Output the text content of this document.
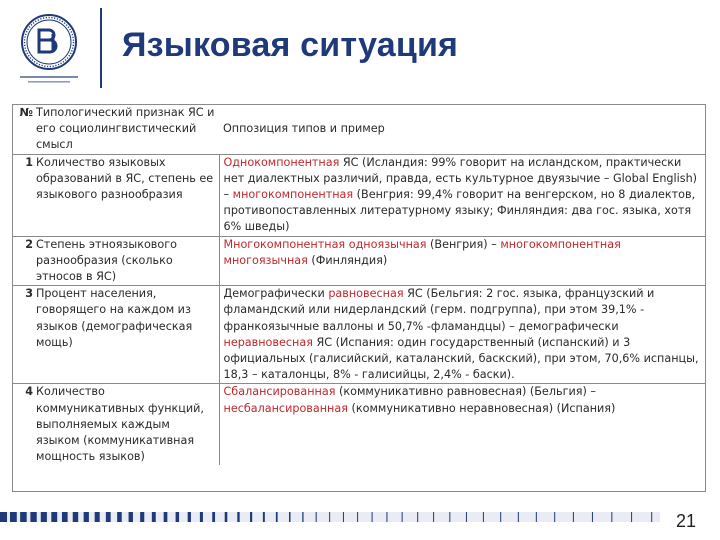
Языковая ситуация
№	Типологический признак ЯС и его социолингвистический смысл	Оппозиция типов и пример

1	Количество языковых образований в ЯС, степень ее языкового разнообразия	Однокомпонентная ЯС (Исландия: 99% говорит на исландском, практически нет диалектных различий, правда, есть культурное двуязычие – Global English) – многокомпонентная (Венгрия: 99,4% говорит на венгерском, но 8 диалектов, противопоставленных литературному языку; Финляндия: два гос. языка, хотя 6% шведы)
2	Степень этноязыкового разнообразия (сколько этносов в ЯС)	Многокомпонентная одноязычная (Венгрия) – многокомпонентная многоязычная (Финляндия)
3	Процент населения, говорящего на каждом из языков (демографическая мощь)	Демографически равновесная ЯС (Бельгия: 2 гос. языка, французский и фламандский или нидерландский (герм. подгруппа), при этом 39,1% - франкоязычные валлоны и 50,7% -фламандцы) – демографически неравновесная ЯС (Испания: один государственный (испанский) и 3 официальных (галисийский, каталанский, баскский), при этом, 70,6% испанцы, 18,3 – каталонцы, 8% - галисийцы, 2,4% - баски).
4	Количество коммуникативных функций, выполняемых каждым языком (коммуникативная мощность языков)	Сбалансированная (коммуникативно равновесная) (Бельгия) – несбалансированная (коммуникативно неравновесная) (Испания)
21
